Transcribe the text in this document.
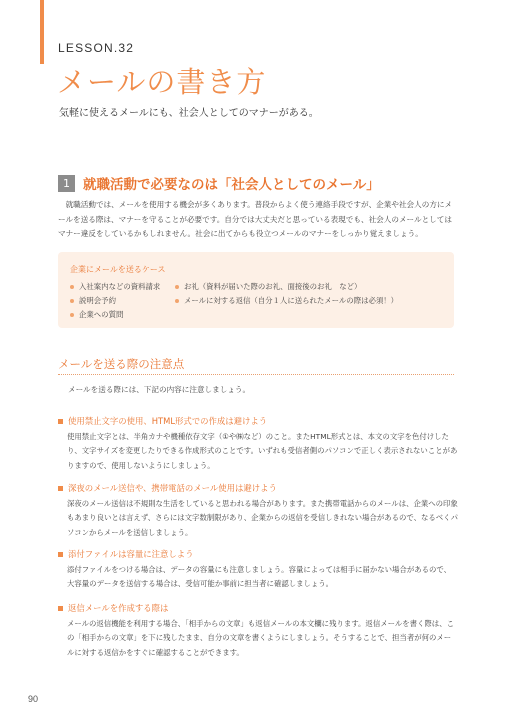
LESSON.32
メールの書き方

気軽に使えるメールにも、社会人としてのマナーがある。

1 就職活動で必要なのは「社会人としてのメール」

就職活動では、メールを使用する機会が多くあります。普段からよく使う連絡手段ですが、企業や社会人の方にメールを送る際は、マナーを守ることが必要です。自分では大丈夫だと思っている表現でも、社会人のメールとしてはマナー違反をしているかもしれません。社会に出てからも役立つメールのマナーをしっかり覚えましょう。

企業にメールを送るケース
入社案内などの資料請求
説明会予約
企業への質問
お礼（資料が届いた際のお礼、面接後のお礼　など）
メールに対する返信（自分１人に送られたメールの際は必須！）
メールを送る際の注意点

メールを送る際には、下記の内容に注意しましょう。

使用禁止文字の使用、HTML形式での作成は避けよう

使用禁止文字とは、半角カナや機種依存文字（①や㈱など）のこと。またHTML形式とは、本文の文字を色付けしたり、文字サイズを変更したりできる作成形式のことです。いずれも受信者側のパソコンで正しく表示されないことがありますので、使用しないようにしましょう。

深夜のメール送信や、携帯電話のメール使用は避けよう

深夜のメール送信は不規則な生活をしていると思われる場合があります。また携帯電話からのメールは、企業への印象もあまり良いとは言えず、さらには文字数制限があり、企業からの返信を受信しきれない場合があるので、なるべくパソコンからメールを送信しましょう。

添付ファイルは容量に注意しよう

添付ファイルをつける場合は、データの容量にも注意しましょう。容量によっては相手に届かない場合があるので、大容量のデータを送信する場合は、受信可能か事前に担当者に確認しましょう。

返信メールを作成する際は

メールの返信機能を利用する場合、「相手からの文章」も返信メールの本文欄に残ります。返信メールを書く際は、この「相手からの文章」を下に残したまま、自分の文章を書くようにしましょう。そうすることで、担当者が何のメールに対する返信かをすぐに確認することができます。

90
